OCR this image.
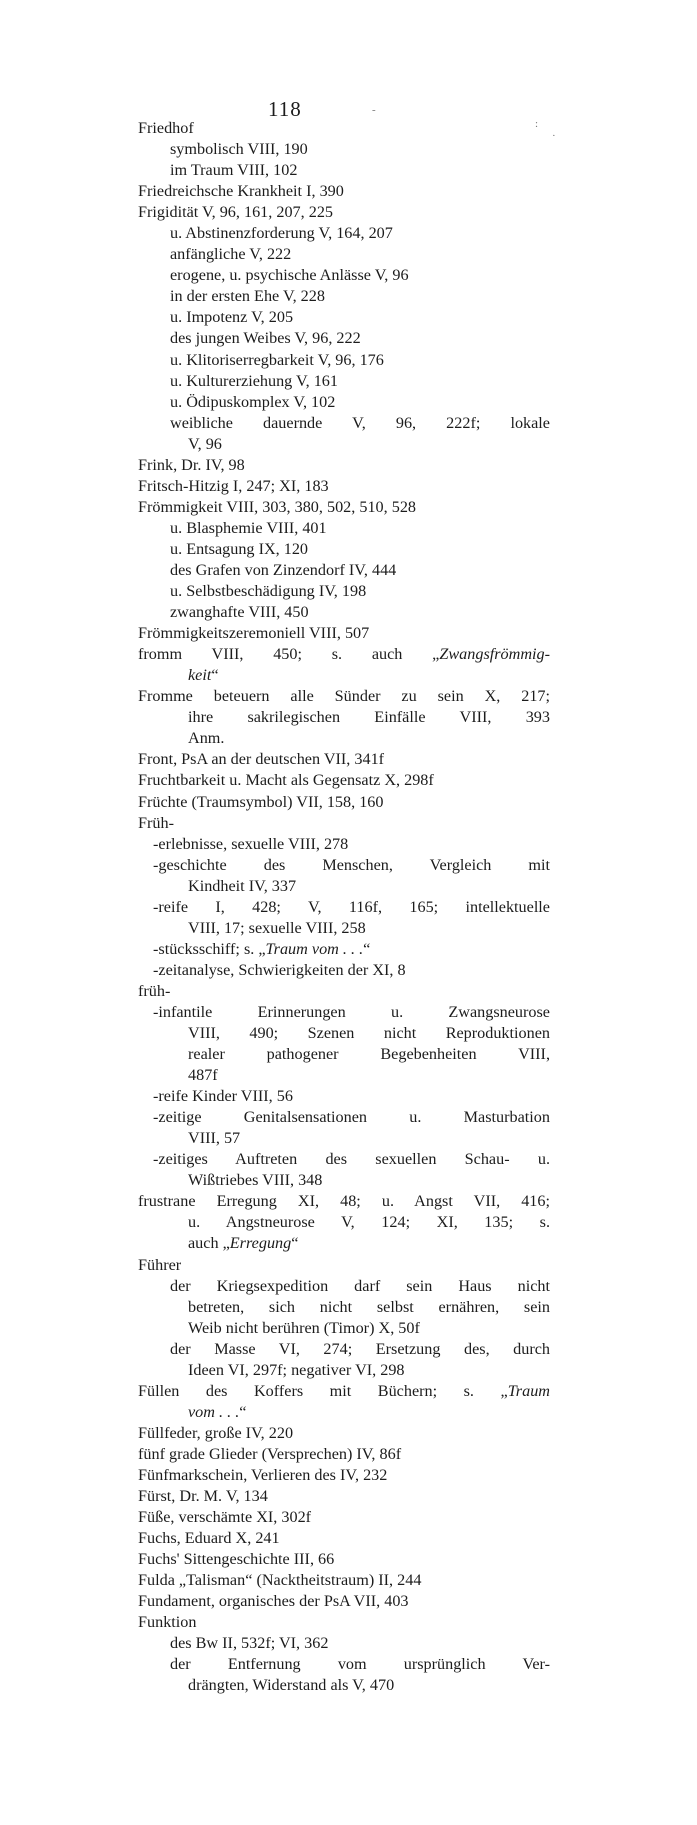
118	-
:
·
Friedhof
symbolisch VIII, 190
im Traum VIII, 102
Friedreichsche Krankheit I, 390
Frigidität V, 96, 161, 207, 225
u. Abstinenzforderung V, 164, 207
anfängliche V, 222
erogene, u. psychische Anlässe V, 96
in der ersten Ehe V, 228
u. Impotenz V, 205
des jungen Weibes V, 96, 222
u. Klitoriserregbarkeit V, 96, 176
u. Kulturerziehung V, 161
u. Ödipuskomplex V, 102
weibliche dauernde V, 96, 222f; lokale
V, 96
Frink, Dr. IV, 98
Fritsch-Hitzig I, 247; XI, 183
Frömmigkeit VIII, 303, 380, 502, 510, 528
u. Blasphemie VIII, 401
u. Entsagung IX, 120
des Grafen von Zinzendorf IV, 444
u. Selbstbeschädigung IV, 198
zwanghafte VIII, 450
Frömmigkeitszeremoniell VIII, 507
fromm VIII, 450; s. auch „Zwangsfrömmig-
keit“
Fromme beteuern alle Sünder zu sein X, 217;
ihre sakrilegischen Einfälle VIII, 393
Anm.
Front, PsA an der deutschen VII, 341f
Fruchtbarkeit u. Macht als Gegensatz X, 298f
Früchte (Traumsymbol) VII, 158, 160
Früh-
-erlebnisse, sexuelle VIII, 278
-geschichte des Menschen, Vergleich mit
Kindheit IV, 337
-reife I, 428; V, 116f, 165; intellektuelle
VIII, 17; sexuelle VIII, 258
-stücksschiff; s. „Traum vom . . .“
-zeitanalyse, Schwierigkeiten der XI, 8
früh-
-infantile Erinnerungen u. Zwangsneurose
VIII, 490; Szenen nicht Reproduktionen
realer pathogener Begebenheiten VIII,
487f
-reife Kinder VIII, 56
-zeitige Genitalsensationen u. Masturbation
VIII, 57
-zeitiges Auftreten des sexuellen Schau- u.
Wißtriebes VIII, 348
frustrane Erregung XI, 48; u. Angst VII, 416;
u. Angstneurose V, 124; XI, 135; s.
auch „Erregung“
Führer
der Kriegsexpedition darf sein Haus nicht
betreten, sich nicht selbst ernähren, sein
Weib nicht berühren (Timor) X, 50f
der Masse VI, 274; Ersetzung des, durch
Ideen VI, 297f; negativer VI, 298
Füllen des Koffers mit Büchern; s. „Traum
vom . . .“
Füllfeder, große IV, 220
fünf grade Glieder (Versprechen) IV, 86f
Fünfmarkschein, Verlieren des IV, 232
Fürst, Dr. M. V, 134
Füße, verschämte XI, 302f
Fuchs, Eduard X, 241
Fuchs' Sittengeschichte III, 66
Fulda „Talisman“ (Nacktheitstraum) II, 244
Fundament, organisches der PsA VII, 403
Funktion
des Bw II, 532f; VI, 362
der Entfernung vom ursprünglich Ver-
drängten, Widerstand als V, 470
